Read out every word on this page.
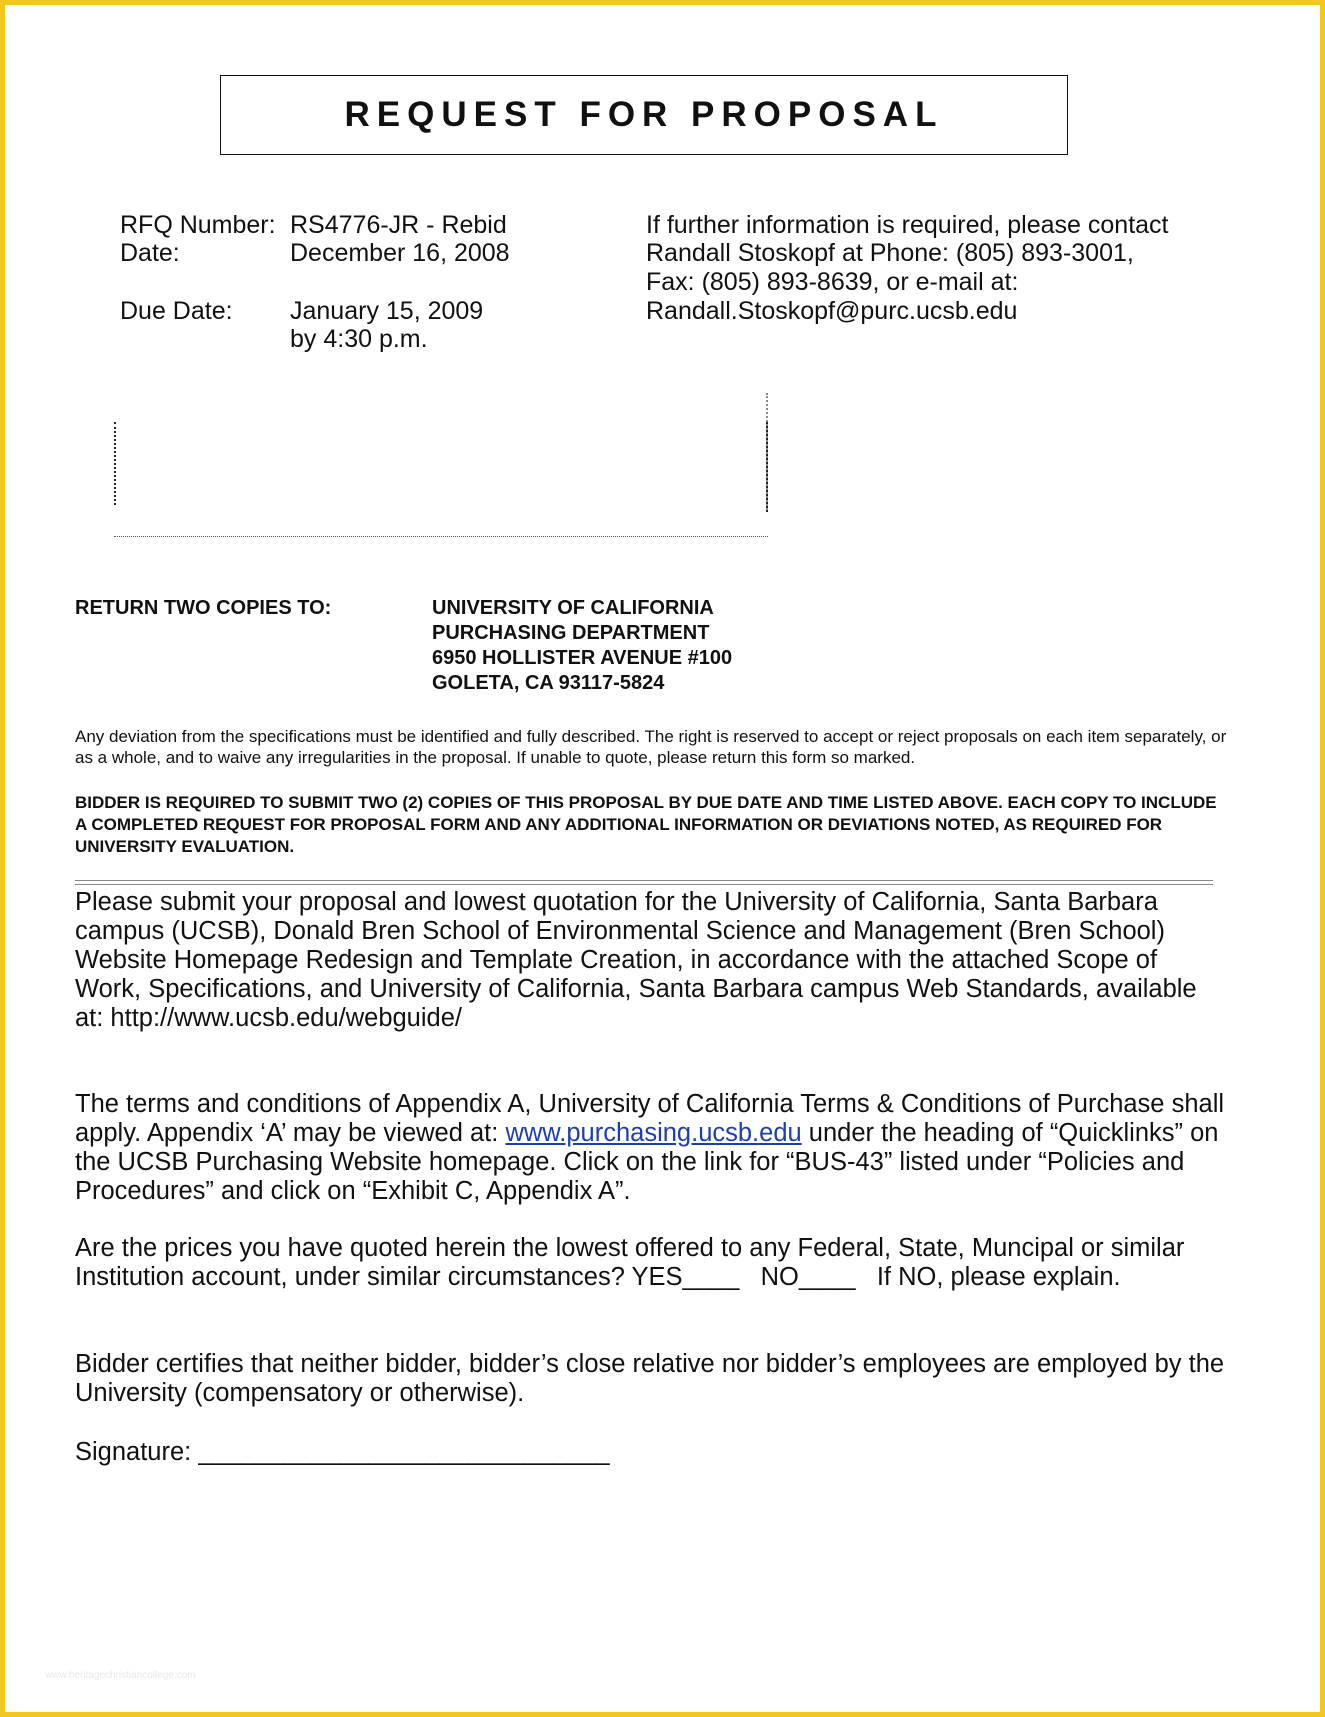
REQUEST FOR PROPOSAL
RFQ Number: RS4776-JR - Rebid
Date:	December 16, 2008
Due Date: January 15, 2009
by 4:30 p.m.
If further information is required, please contact
Randall Stoskopf at Phone: (805) 893-3001,
Fax: (805) 893-8639, or e-mail at:
Randall.Stoskopf@purc.ucsb.edu
RETURN TWO COPIES TO:	UNIVERSITY OF CALIFORNIA
PURCHASING DEPARTMENT
6950 HOLLISTER AVENUE #100
GOLETA, CA 93117-5824
Any deviation from the specifications must be identified and fully described. The right is reserved to accept or reject proposals on each item separately, or as a whole, and to waive any irregularities in the proposal. If unable to quote, please return this form so marked.
BIDDER IS REQUIRED TO SUBMIT TWO (2) COPIES OF THIS PROPOSAL BY DUE DATE AND TIME LISTED ABOVE. EACH COPY TO INCLUDE A COMPLETED REQUEST FOR PROPOSAL FORM AND ANY ADDITIONAL INFORMATION OR DEVIATIONS NOTED, AS REQUIRED FOR UNIVERSITY EVALUATION.
Please submit your proposal and lowest quotation for the University of California, Santa Barbara campus (UCSB), Donald Bren School of Environmental Science and Management (Bren School) Website Homepage Redesign and Template Creation, in accordance with the attached Scope of Work, Specifications, and University of California, Santa Barbara campus Web Standards, available at: http://www.ucsb.edu/webguide/
The terms and conditions of Appendix A, University of California Terms & Conditions of Purchase shall apply. Appendix ‘A’ may be viewed at: www.purchasing.ucsb.edu under the heading of “Quicklinks” on the UCSB Purchasing Website homepage. Click on the link for “BUS-43” listed under “Policies and Procedures” and click on “Exhibit C, Appendix A”.
Are the prices you have quoted herein the lowest offered to any Federal, State, Muncipal or similar Institution account, under similar circumstances? YES____ NO____ If NO, please explain.
Bidder certifies that neither bidder, bidder’s close relative nor bidder’s employees are employed by the University (compensatory or otherwise).
Signature: _____________________________
www.heritagechristiancollege.com
